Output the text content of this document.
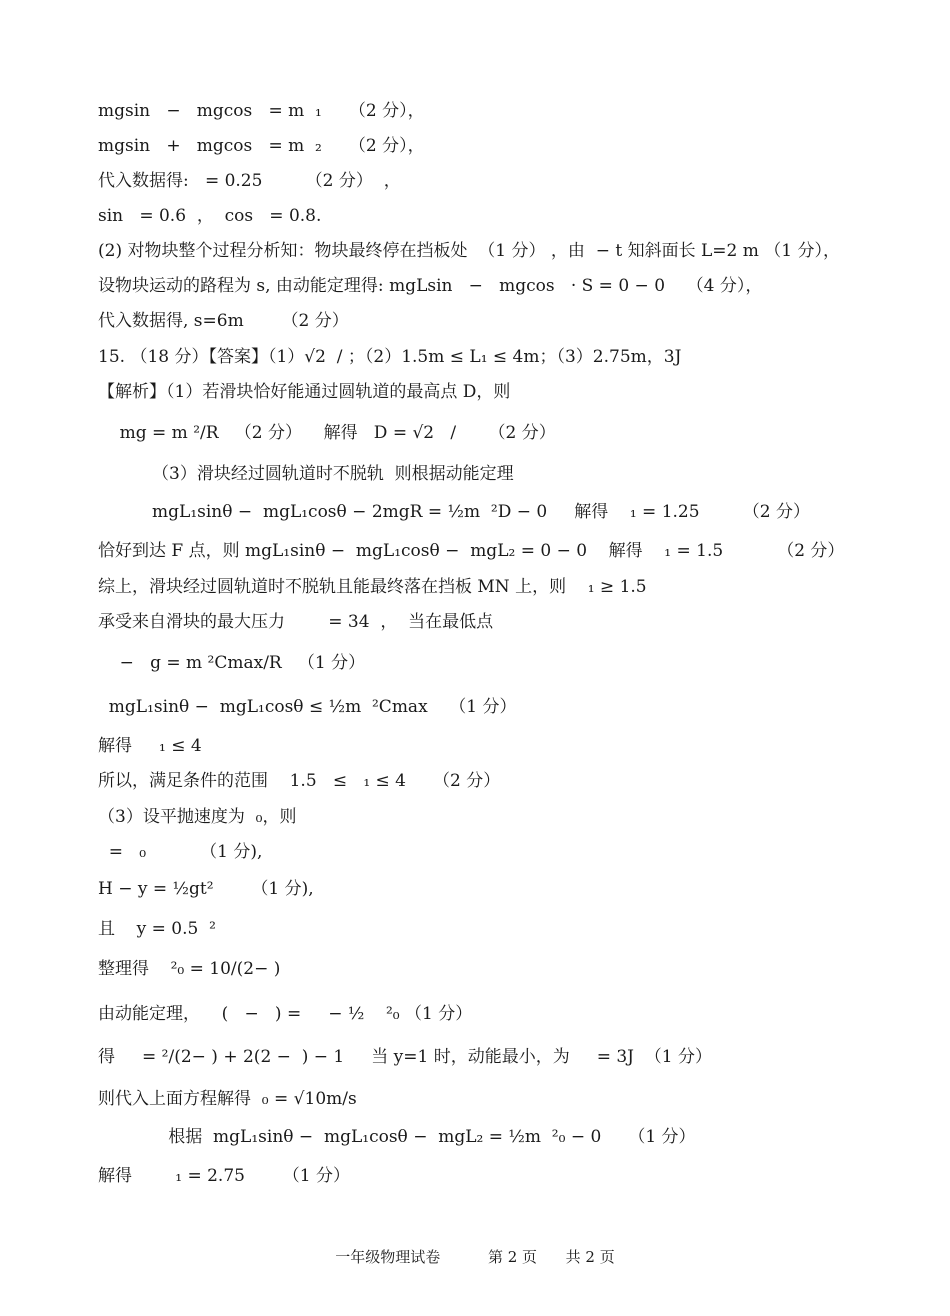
mgsin   −   mgcos   = m  ₁     （2 分），
mgsin   +   mgcos   = m  ₂     （2 分），
代入数据得:   = 0.25        （2 分）  ，
sin   = 0.6  ，  cos   = 0.8.
(2) 对物块整个过程分析知：物块最终停在挡板处  （1 分） ，由  − t 知斜面长 L=2 m （1 分），
设物块运动的路程为 s, 由动能定理得: mgLsin   −   mgcos   · S = 0 − 0    （4 分），
代入数据得, s=6m       （2 分）
15. （18 分）【答案】（1）√2  / ；（2）1.5m ≤ L₁ ≤ 4m；（3）2.75m，3J
【解析】（1）若滑块恰好能通过圆轨道的最高点 D，则
mg = m ²/R   （2 分）    解得   D = √2   /      （2 分）
（3）滑块经过圆轨道时不脱轨  则根据动能定理
mgL₁sinθ −  mgL₁cosθ − 2mgR = ½m  ²D − 0     解得    ₁ = 1.25        （2 分）
恰好到达 F 点，则 mgL₁sinθ −  mgL₁cosθ −  mgL₂ = 0 − 0    解得    ₁ = 1.5          （2 分）
综上，滑块经过圆轨道时不脱轨且能最终落在挡板 MN 上，则    ₁ ≥ 1.5
承受来自滑块的最大压力        = 34  ，  当在最低点
−   g = m ²Cmax/R   （1 分）
mgL₁sinθ −  mgL₁cosθ ≤ ½m  ²Cmax    （1 分）
解得     ₁ ≤ 4
所以，满足条件的范围    1.5   ≤   ₁ ≤ 4     （2 分）
（3）设平抛速度为  ₀，则
=   ₀          （1 分),
H − y = ½gt²       （1 分),
且    y = 0.5  ²
整理得    ²₀ = 10/(2− )
由动能定理，    (   −   ) =     − ½    ²₀ （1 分）
得     = ²/(2− ) + 2(2 −  ) − 1     当 y=1 时，动能最小，为     = 3J  （1 分）
则代入上面方程解得  ₀ = √10m/s
根据  mgL₁sinθ −  mgL₁cosθ −  mgL₂ = ½m  ²₀ − 0     （1 分）
解得        ₁ = 2.75       （1 分）
一年级物理试卷          第 2 页      共 2 页
